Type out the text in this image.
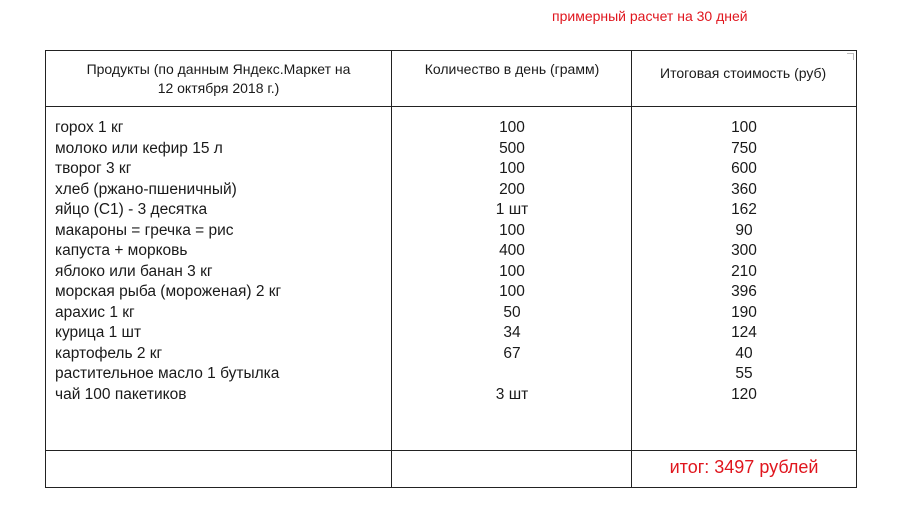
примерный расчет на 30 дней
Продукты (по данным Яндекс.Маркет на
12 октября 2018 г.)
Количество в день (грамм)	Итоговая стоимость (руб)
горох 1 кг
молоко или кефир 15 л
творог 3 кг
хлеб (ржано-пшеничный)
яйцо (С1) - 3 десятка
макароны = гречка = рис
капуста + морковь
яблоко или банан 3 кг
морская рыба (мороженая) 2 кг
арахис 1 кг
курица 1 шт
картофель 2 кг
растительное масло 1 бутылка
чай 100 пакетиков
100
500
100
200
1 шт
100
400
100
100
50
34
67
3 шт
100
750
600
360
162
90
300
210
396
190
124
40
55
120
итог: 3497 рублей
